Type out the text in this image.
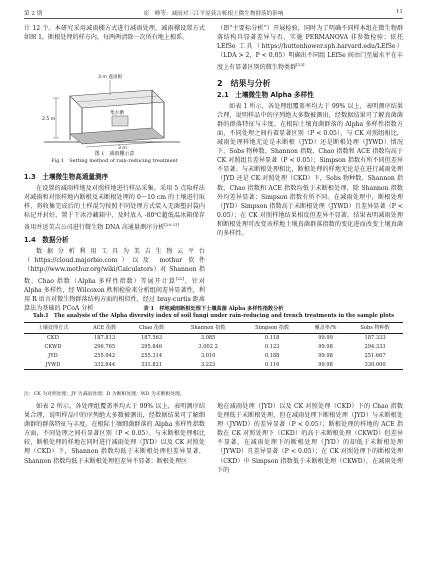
第 2 期	崔　峰等：减雨对三江平原荻古栎根土微生物群落的影响	11

计 12 个。本研究采用减雨棚方式进行减雨处理，减雨棚设置方式如图 1。断根处理的样方内，每两两清除一次所有地上根系。

3 m 遮雨板
2.5 m
3 m
集水槽
图 1　减雨棚示意
Fig.1　Setting method of rain-reducing treatment
1.3　土壤微生物高通量测序

在设置的减雨样地及对照样地进行样品采集。采用 5 点取样法对减雨和对照样地内断根及未断根处理的 0～10 cm 的土壤进行取样，将收集完成后的土样混匀按照不同处理方式装入无菌塑封袋内标记并封好，置于干冰冷藏箱中，及时放入 -80℃超低温冰箱保存备用并送美吉公司进行微生物 DNA 高通量测序分析[20-21]

1.4　数据分析

数据分析利用工具为美吉生物云平台（https://cloud.majorbio.com）以及 mothur 软件（http://www.mothur.org/wiki/Calculators）对 Shannon 指数、Chao 指数（Alpha 多样性指数）等展开计算[22]，针对 Alpha 多样性，经 Wilcoxon 秩和检验来分析组间差异显著性，利用 R 语言对微生物群落结构方面的相似性，经过 bray-curtis 距离算法为基础的 PCoA 分析

（即“主要标分析”）开展检验，同时为了明确不同样本组在微生物群落结构具显著差异与否，实施 PERMANOVA 非参数检验；依托 LEfSe 工具（https://huttenhower.sph.harvard.edu/LEfSe）（LDA > 2，P < 0.05）明确出不同组 LEfSe 间由门至属水平在丰度上有显著区别的微生物类群[23]

2　结果与分析
2.1　土壤微生物 Alpha 多样性

如表 1 所示，各处理组覆盖率均大于 99% 以上，表明测序结果合理，说明样品中的序列绝大多数被测出，经数据结果可了解真菌菌群的群落特征与丰度。在根际土壤真菌群落的 Alpha 多样性指数方面，不同处理之间有着显著区别（P < 0.05），与 CK 对照组相比，减雨处理样地无论是未断根（JYD）还是断根处理（JYWD）情况下，Sobs 物种数、Shannon 指数、Chao 指数和 ACE 指数均高于 CK 对照组且差异显著（P < 0.05）；Simpson 指数有所不同但差异不显著。与未断根处理相比，断根处理的样地无论是在进行减雨处理（JYD 还是 CK 对照处理（CKD）下，Sobs 物种数、Shannon 指数、Chao 指数和 ACE 指数均低于未断根处理，除 Shannon 指数外均差异显著；Simpson 指数有所不同。在减雨处理中，断根处理（JYD）Simpson 指数高于未断根处理（JYWD）且差异显著（P < 0.05）；在 CK 对照样地结果相反但差异不显著。结果表明减雨处理和断根处理可改变该样地土壤真菌群落指数的变化进而改变土壤真菌的多样性。

表 1　样地减雨断根处理下土壤真菌 Alpha 多样性指数分析
Tab.1　The analysis of the Alpha diversity index of soil fungi under rain-reducing and trench treatments in the sample plots
土壤处理方式	ACE 指数	Chao 指数	Shannon 指数	Simpson 指数	覆盖率/%	Sobs 物种数
CKD	187.813	187.563	3.085	0.118	99.99	187.333
CKWD	296.765	295.846	3.002 2	0.123	99.98	294.333
JYD	255.942	255.314	3.010	0.188	99.98	251.667
JYWD	332.844	331.821	3.223	0.116	99.98	330.000
注：CK 为对照处理；JY 为减雨处理；D 为断根处理；WD 为未断根处理。

如表 2 所示，各处理组覆盖率均大于 99% 以上，表明测序结果合理，说明样品中的序列绝大多数被测出，经数据结果可了解细菌群的群落特征与丰度。在根际土壤细菌群落的 Alpha 多样性指数方面，不同处理之间有显著区别（P < 0.05）。与未断根处理相比较，断根处理的样地在同时进行减雨处理（JYD）以及 CK 对照处理（CKD）下，Shannon 指数均低于未断根处理但差异显著，Shannon 指数均低于未断根处理但差异不显著；断根处理区

地在减雨处理（JYD）以及 CK 对照处理（CKD）下的 Chao 指数处理低于未断根处理，但在减雨处理下断根处理（JYD）与未断根处理（JYWD）的差异显著（P < 0.05）；断根处理的样地的 ACE 指数在 CK 对照处理下（CKD）的高于未断根处理（CKWD）但差异不显著，在减雨处理下的断根处理（JYD）的却低于未断根处理（JYWD）且差异显著（P < 0.05）；在 CK 对照处理下的断根处理（CKD）中 Simpson 指数低于未断根处理（CKWD），在减雨处理下的
